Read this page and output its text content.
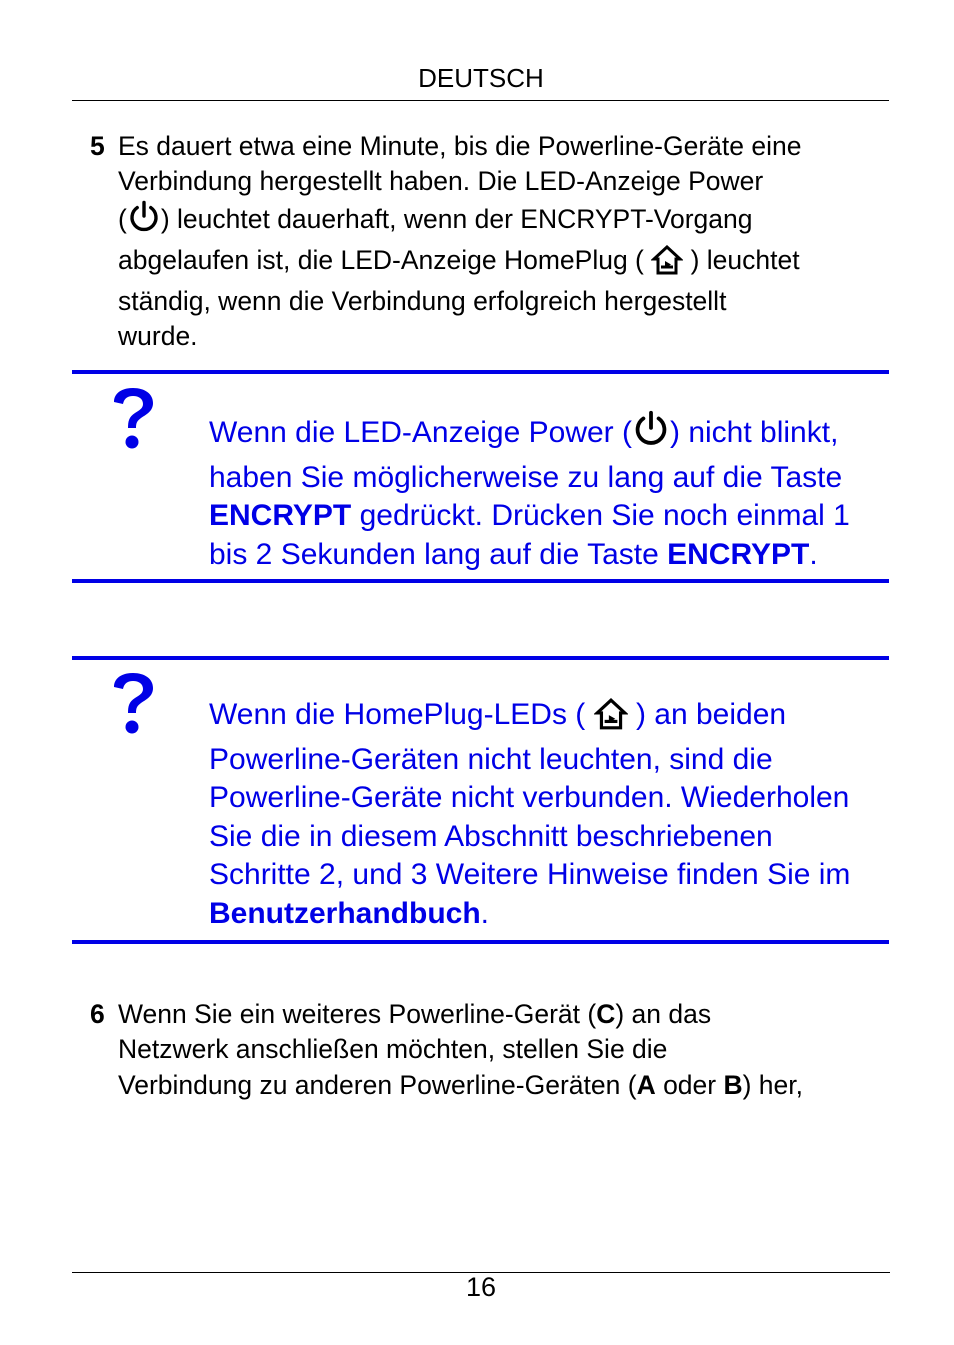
DEUTSCH
5 Es dauert etwa eine Minute, bis die Powerline-Geräte eine
Verbindung hergestellt haben. Die LED-Anzeige Power
( ) leuchtet dauerhaft, wenn der ENCRYPT-Vorgang
abgelaufen ist, die LED-Anzeige HomePlug (  ) leuchtet
ständig, wenn die Verbindung erfolgreich hergestellt
wurde.
Wenn die LED-Anzeige Power ( ) nicht blinkt,
haben Sie möglicherweise zu lang auf die Taste
ENCRYPT gedrückt. Drücken Sie noch einmal 1
bis 2 Sekunden lang auf die Taste ENCRYPT.
Wenn die HomePlug-LEDs (  ) an beiden
Powerline-Geräten nicht leuchten, sind die
Powerline-Geräte nicht verbunden. Wiederholen
Sie die in diesem Abschnitt beschriebenen
Schritte 2, und 3 Weitere Hinweise finden Sie im
Benutzerhandbuch.
6 Wenn Sie ein weiteres Powerline-Gerät (C) an das
Netzwerk anschließen möchten, stellen Sie die
Verbindung zu anderen Powerline-Geräten (A oder B) her,
16
